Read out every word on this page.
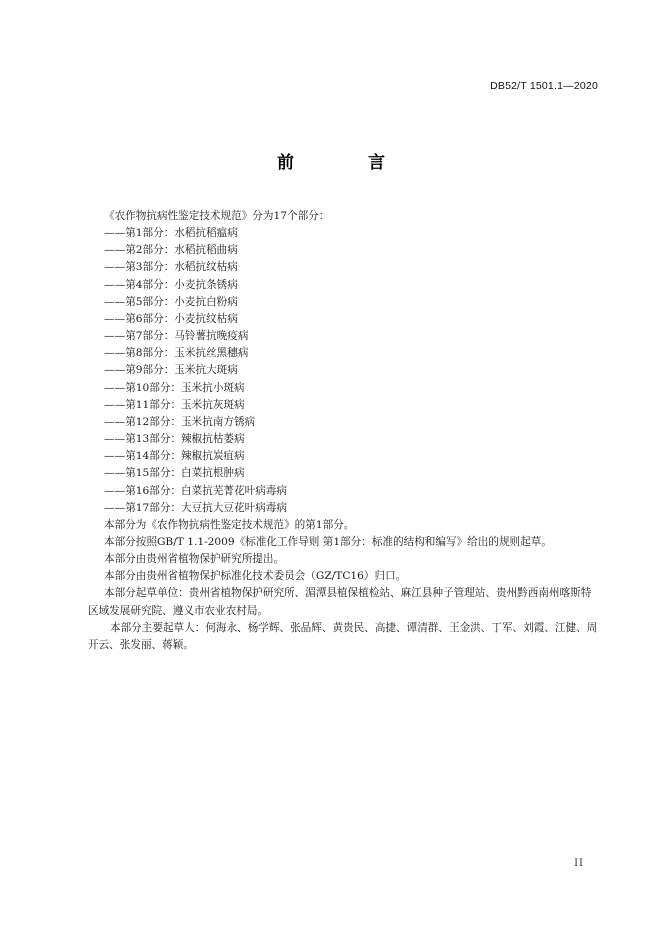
DB52/T 1501.1—2020
前 言

《农作物抗病性鉴定技术规范》分为17个部分：

——第1部分：水稻抗稻瘟病

——第2部分：水稻抗稻曲病

——第3部分：水稻抗纹枯病

——第4部分：小麦抗条锈病

——第5部分：小麦抗白粉病

——第6部分：小麦抗纹枯病

——第7部分：马铃薯抗晚疫病

——第8部分：玉米抗丝黑穗病

——第9部分：玉米抗大斑病

——第10部分：玉米抗小斑病

——第11部分：玉米抗灰斑病

——第12部分：玉米抗南方锈病

——第13部分：辣椒抗枯萎病

——第14部分：辣椒抗炭疽病

——第15部分：白菜抗根肿病

——第16部分：白菜抗芜菁花叶病毒病

——第17部分：大豆抗大豆花叶病毒病

本部分为《农作物抗病性鉴定技术规范》的第1部分。

本部分按照GB/T 1.1-2009《标准化工作导则 第1部分：标准的结构和编写》给出的规则起草。

本部分由贵州省植物保护研究所提出。

本部分由贵州省植物保护标准化技术委员会（GZ/TC16）归口。

本部分起草单位：贵州省植物保护研究所、湄潭县植保植检站、麻江县种子管理站、贵州黔西南州喀斯特区域发展研究院、遵义市农业农村局。

本部分主要起草人：何海永、杨学辉、张品辉、黄贵民、高捷、谭清群、王金洪、丁军、刘霞、江健、周开云、张发丽、蒋颖。

II
